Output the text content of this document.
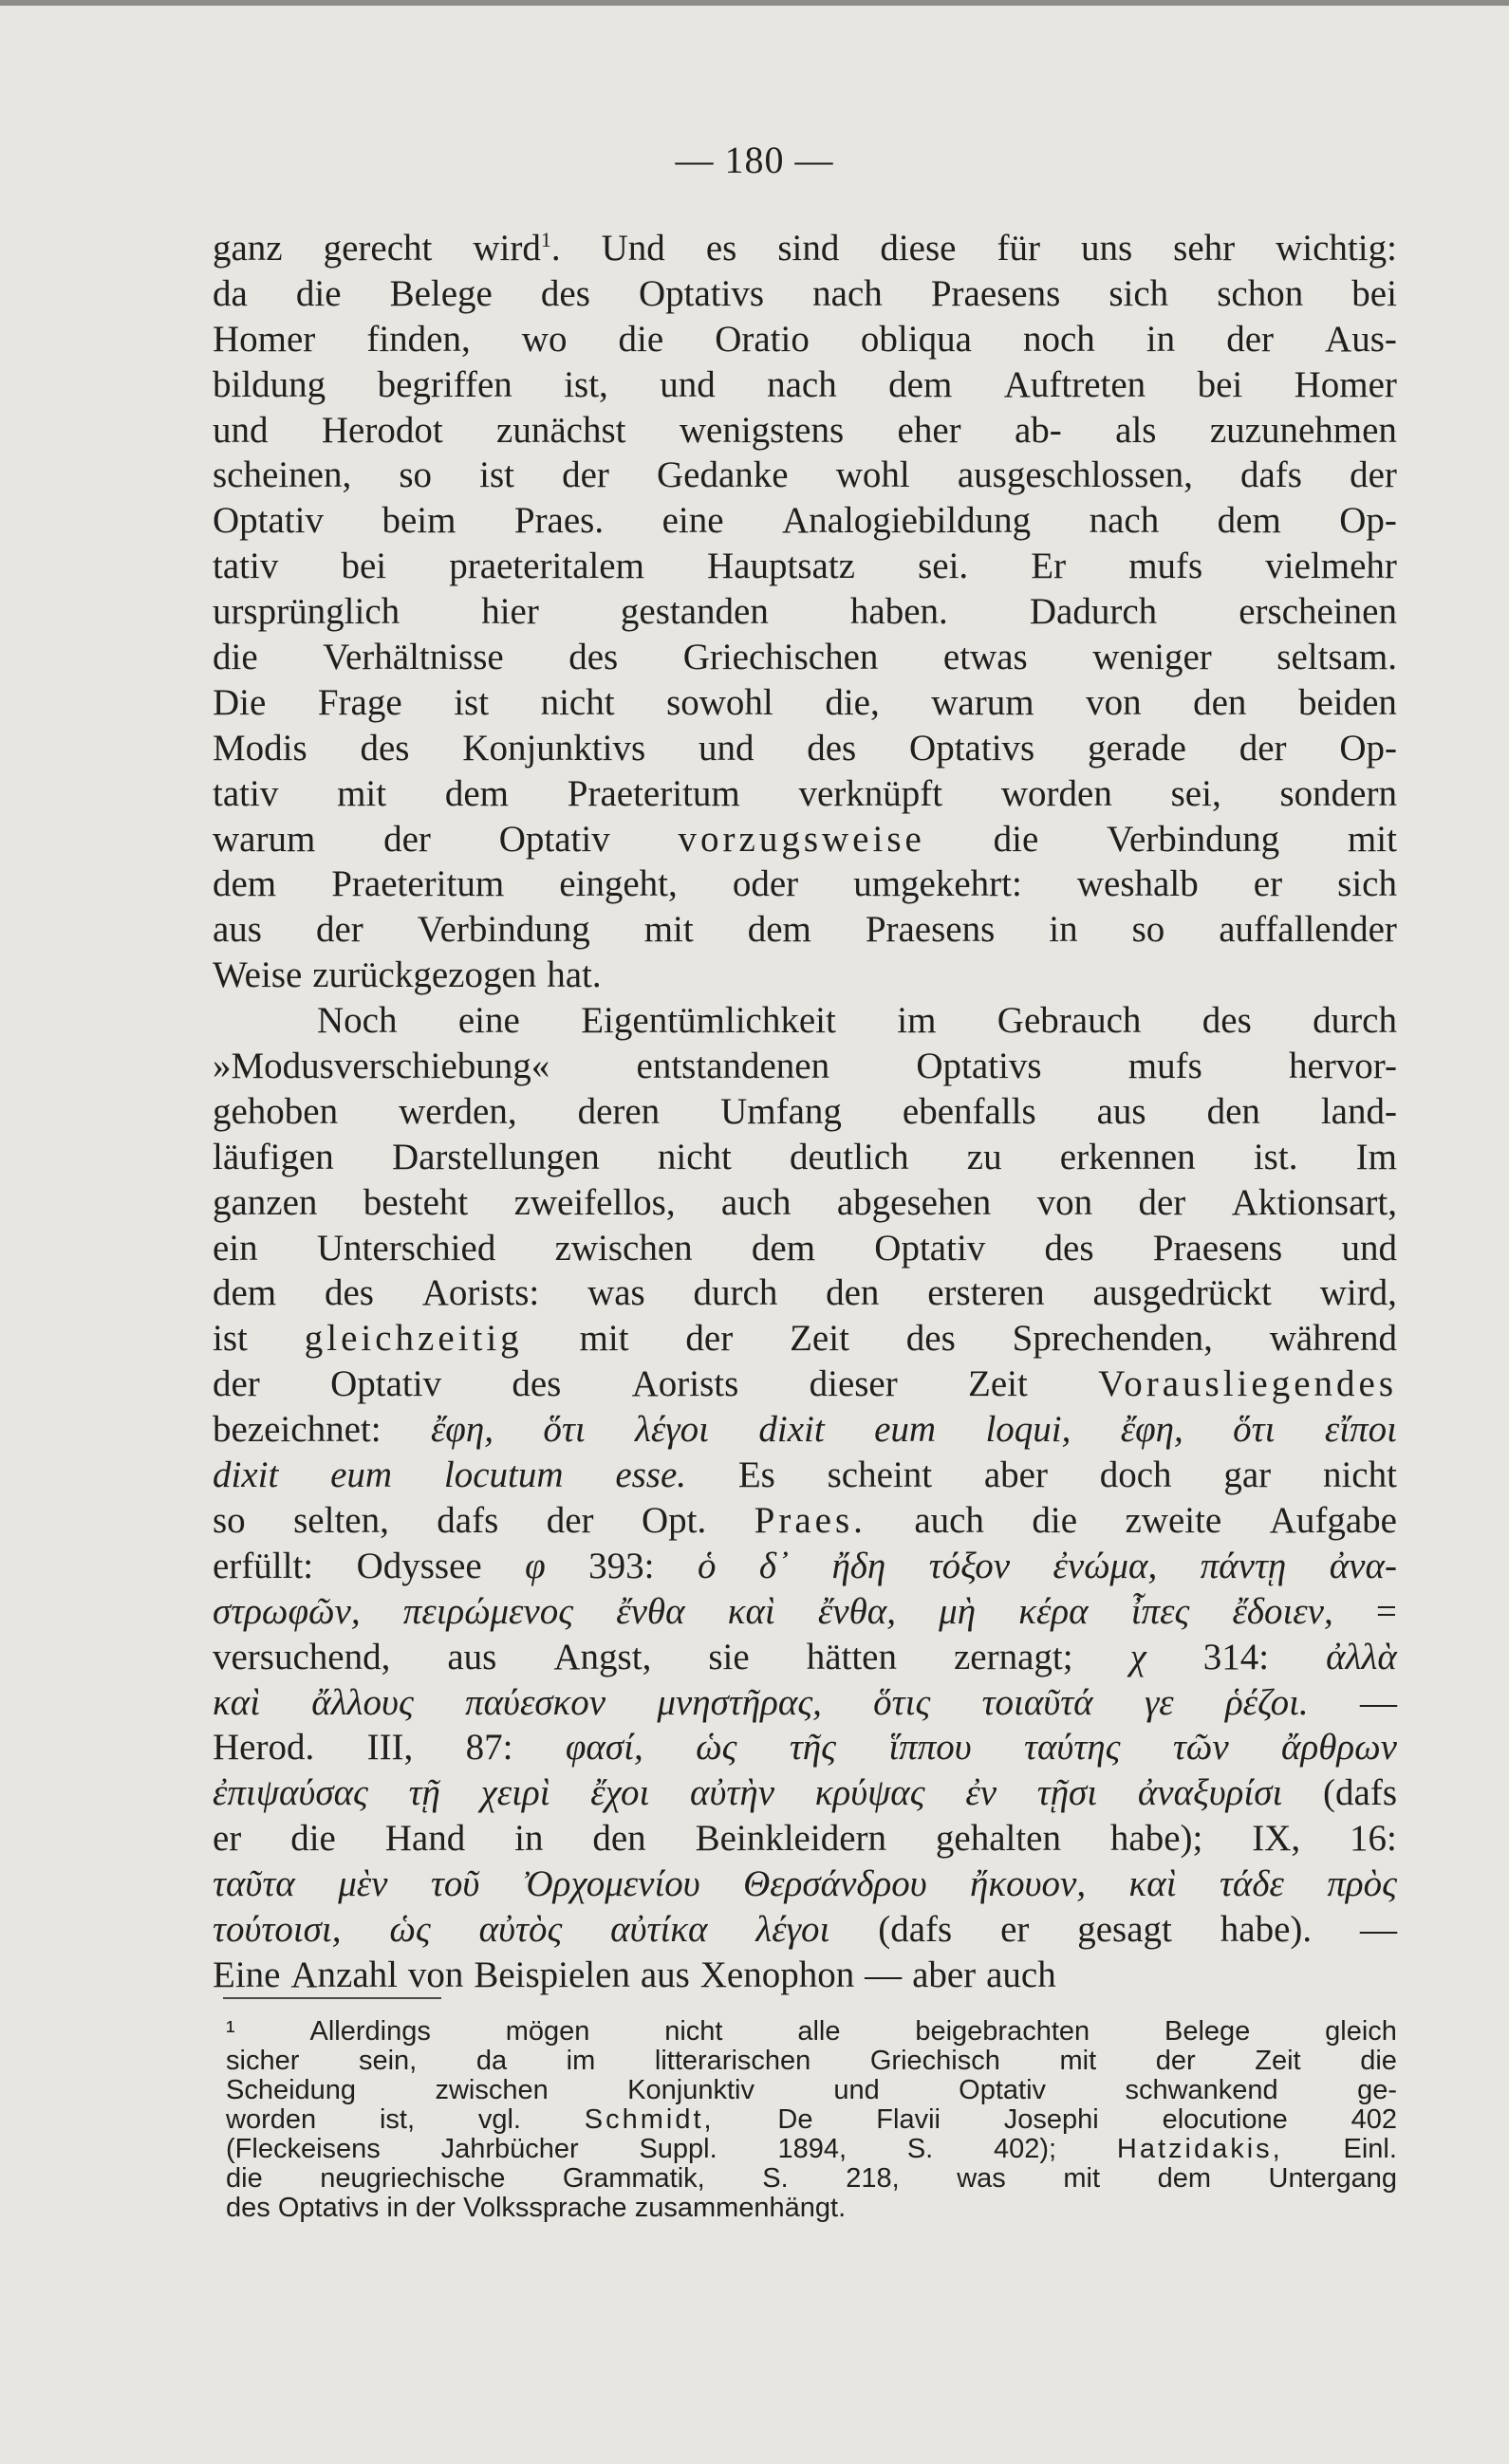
— 180 —
ganz gerecht wird$^1$. Und es sind diese für uns sehr wichtig:
da die Belege des Optativs nach Praesens sich schon bei
Homer finden, wo die Oratio obliqua noch in der Aus-
bildung begriffen ist, und nach dem Auftreten bei Homer
und Herodot zunächst wenigstens eher ab- als zuzunehmen
scheinen, so ist der Gedanke wohl ausgeschlossen, dafs der
Optativ beim Praes. eine Analogiebildung nach dem Op-
tativ bei praeteritalem Hauptsatz sei. Er mufs vielmehr
ursprünglich hier gestanden haben. Dadurch erscheinen
die Verhältnisse des Griechischen etwas weniger seltsam.
Die Frage ist nicht sowohl die, warum von den beiden
Modis des Konjunktivs und des Optativs gerade der Op-
tativ mit dem Praeteritum verknüpft worden sei, sondern
warum der Optativ vorzugsweise die Verbindung mit
dem Praeteritum eingeht, oder umgekehrt: weshalb er sich
aus der Verbindung mit dem Praesens in so auffallender
Weise zurückgezogen hat.
Noch eine Eigentümlichkeit im Gebrauch des durch
»Modusverschiebung« entstandenen Optativs mufs hervor-
gehoben werden, deren Umfang ebenfalls aus den land-
läufigen Darstellungen nicht deutlich zu erkennen ist. Im
ganzen besteht zweifellos, auch abgesehen von der Aktionsart,
ein Unterschied zwischen dem Optativ des Praesens und
dem des Aorists: was durch den ersteren ausgedrückt wird,
ist gleichzeitig mit der Zeit des Sprechenden, während
der Optativ des Aorists dieser Zeit Vorausliegendes
bezeichnet: ἔφη, ὅτι λέγοι dixit eum loqui, ἔφη, ὅτι εἴποι
dixit eum locutum esse. Es scheint aber doch gar nicht
so selten, dafs der Opt. Praes. auch die zweite Aufgabe
erfüllt: Odyssee φ 393: ὁ δ᾽ ἤδη τόξον ἐνώμα, πάντῃ ἀνα-
στρωφῶν, πειρώμενος ἔνθα καὶ ἔνθα, μὴ κέρα ἶπες ἔδοιεν, =
versuchend, aus Angst, sie hätten zernagt; χ 314: ἀλλὰ
καὶ ἄλλους παύεσκον μνηστῆρας, ὅτις τοιαῦτά γε ῥέζοι. —
Herod. III, 87: φασί, ὡς τῆς ἵππου ταύτης τῶν ἄρθρων
ἐπιψαύσας τῇ χειρὶ ἔχοι αὐτὴν κρύψας ἐν τῇσι ἀναξυρίσι (dafs
er die Hand in den Beinkleidern gehalten habe); IX, 16:
ταῦτα μὲν τοῦ Ὀρχομενίου Θερσάνδρου ἤκουον, καὶ τάδε πρὸς
τούτοισι, ὡς αὐτὸς αὐτίκα λέγοι (dafs er gesagt habe). —
Eine Anzahl von Beispielen aus Xenophon — aber auch
¹	Allerdings	mögen	nicht	alle	beigebrachten	Belege	gleich
sicher sein, da im litterarischen Griechisch mit der Zeit die
Scheidung	zwischen	Konjunktiv	und	Optativ	schwankend	ge-
worden ist, vgl. Schmidt, De Flavii Josephi elocutione 402
(Fleckeisens Jahrbücher Suppl. 1894, S. 402); Hatzidakis, Einl.
die neugriechische Grammatik, S. 218, was mit dem Untergang
des Optativs in der Volkssprache zusammenhängt.
